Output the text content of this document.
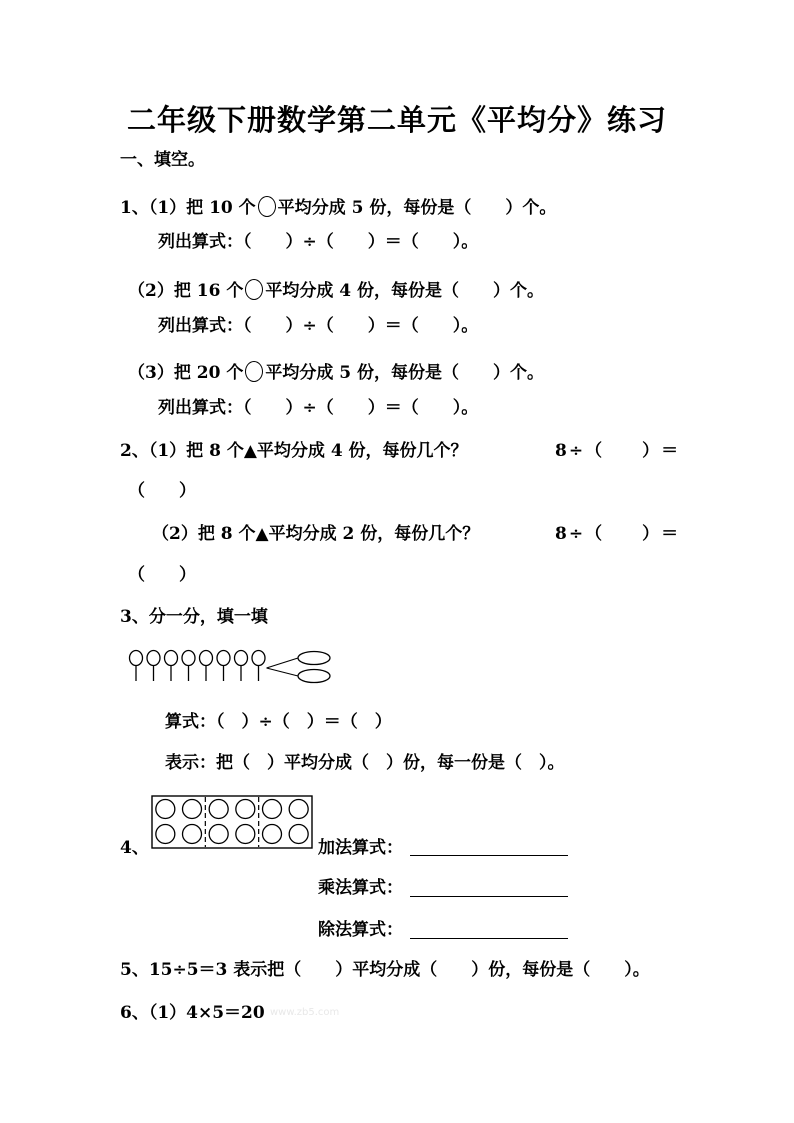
二年级下册数学第二单元《平均分》练习
一、填空。
1、（1）把 10 个 平均分成 5 份，每份是（　　）个。
列出算式：（　　）÷（　　）＝（　　）。
（2）把 16 个 平均分成 4 份，每份是（　　）个。
列出算式：（　　）÷（　　）＝（　　）。
（3）把 20 个 平均分成 5 份，每份是（　　）个。
列出算式：（　　）÷（　　）＝（　　）。
2、（1）把 8 个▲平均分成 4 份，每份几个？	8÷（　　）＝
（　　）
（2）把 8 个▲平均分成 2 份，每份几个？	8÷（　　）＝
（　　）
3、分一分，填一填
算式：（　）÷（　）＝（　）
表示：把（　）平均分成（　）份，每一份是（　）。
4、	加法算式：
乘法算式：
除法算式：
5、15÷5＝3 表示把（　　）平均分成（　　）份，每份是（　　）。
6、（1）4×5＝20 www.zb5.com
